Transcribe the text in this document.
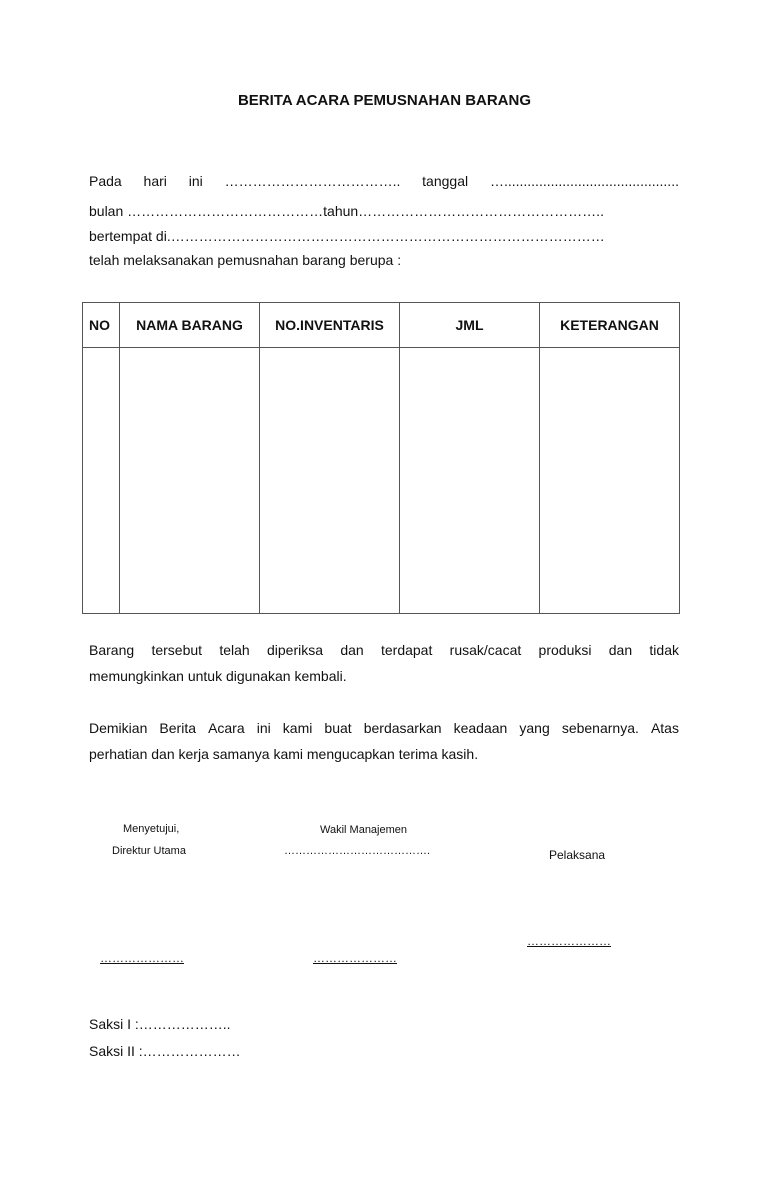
BERITA ACARA PEMUSNAHAN BARANG
Pada hari ini ……………………………….. tanggal ….............................................
bulan ……………………………………tahun……………………………………………..
bertempat di.…………………………………………………………………………………
telah melaksanakan pemusnahan barang berupa :
NO	NAMA BARANG	NO.INVENTARIS	JML	KETERANGAN

Barang tersebut telah diperiksa dan terdapat rusak/cacat produksi dan tidak
memungkinkan untuk digunakan kembali.
Demikian Berita Acara ini kami buat berdasarkan keadaan yang sebenarnya. Atas
perhatian dan kerja samanya kami mengucapkan terima kasih.
Menyetujui,
Direktur Utama
Wakil Manajemen
………………………………….	Pelaksana
…………………
…………………	…………………
Saksi I :………………..
Saksi II :…………………
